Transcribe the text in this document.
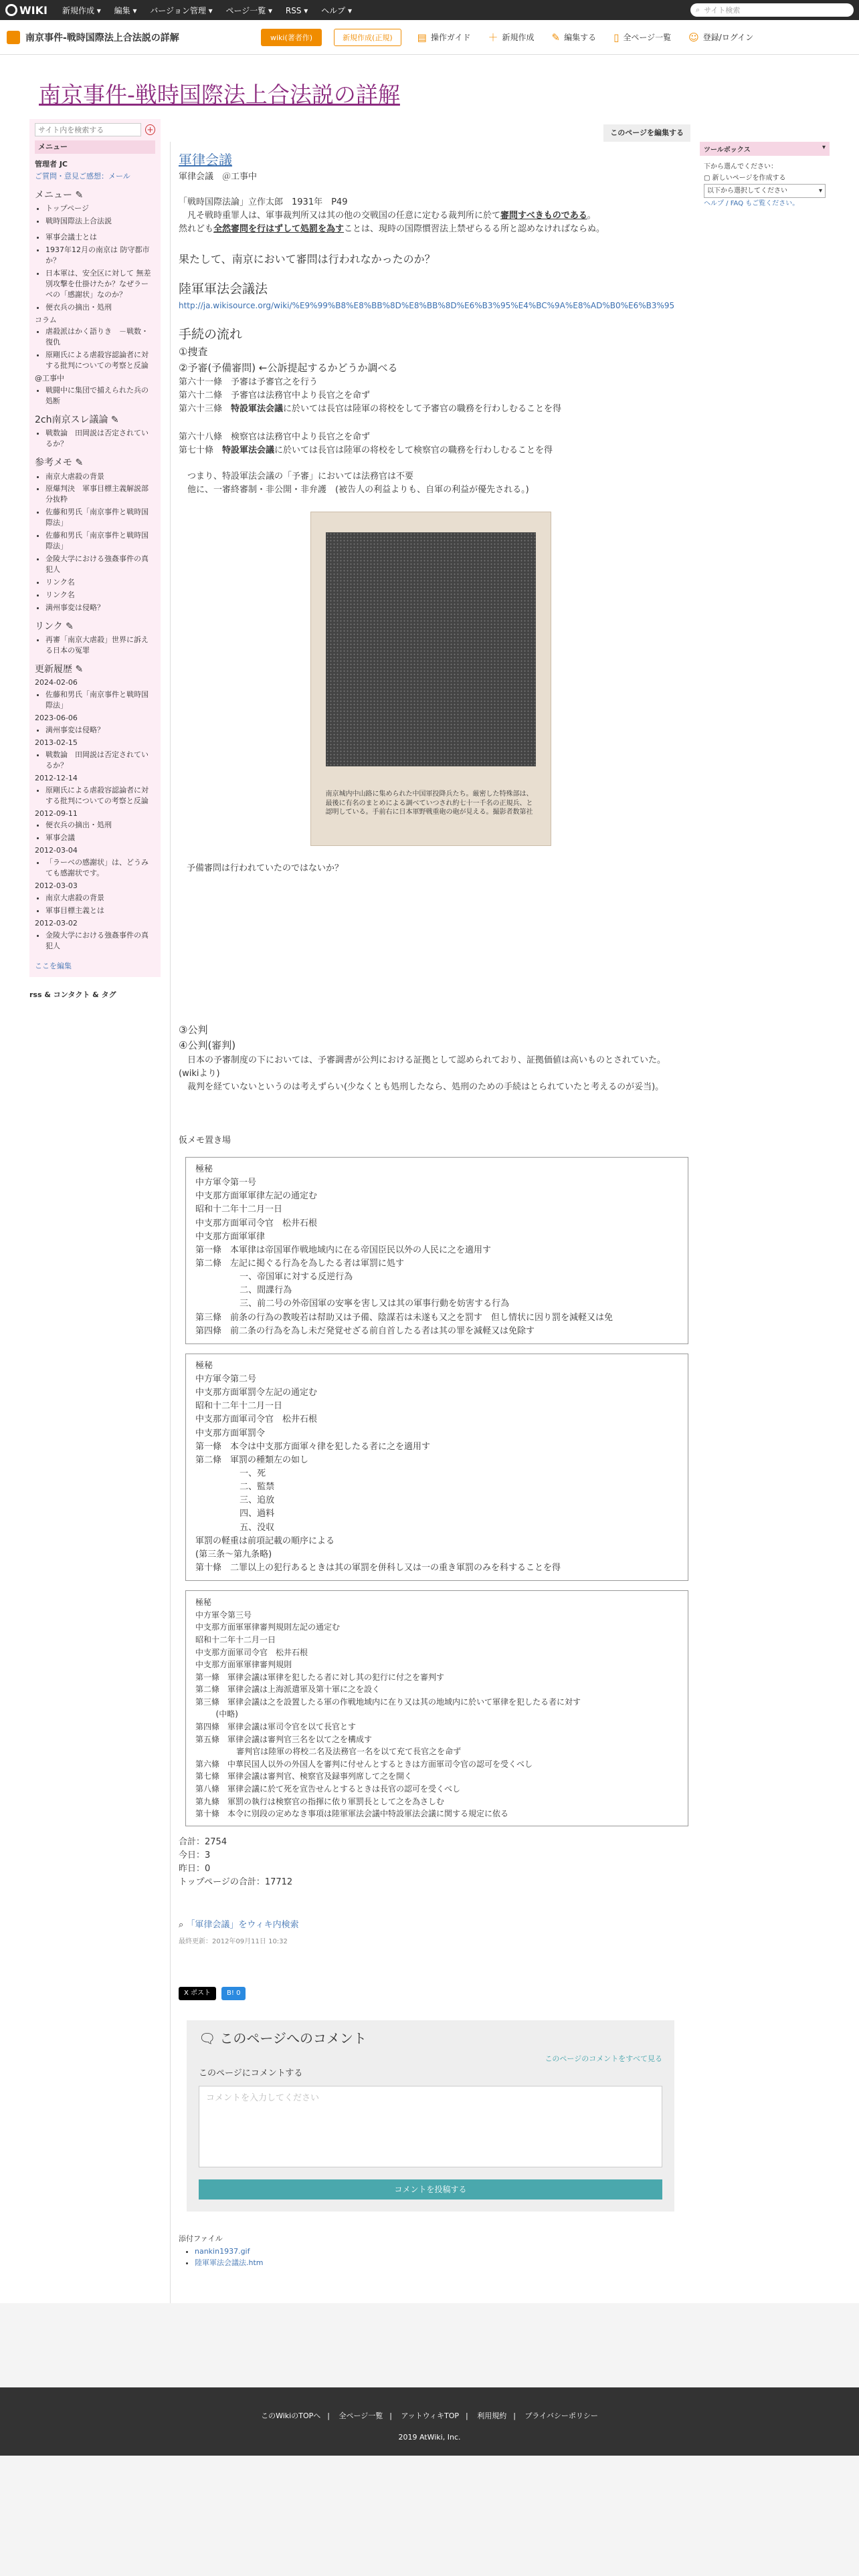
WIKI 新規作成 ▾ 編集 ▾ バージョン管理 ▾ ページ一覧 ▾ RSS ▾ ヘルプ ▾	⌕ サイト検索
南京事件-戦時国際法上合法説の詳解	wiki(著者作)	新規作成(正規)	▤ 操作ガイド ＋ 新規作成 ✎ 編集する ▯ 全ページ一覧 ☺ 登録/ログイン
南京事件-戦時国際法上合法説の詳解
サイト内を検索する
+
メニュー

管理者 JC

ご質問・意見ご感想：メール

メニュー ✎
• トップページ
• 戦時国際法上合法説
• 軍事会議士とは
• 1937年12月の南京は 防守都市か？
• 日本軍は、安全区に対して 無差別攻撃を仕掛けたか？なぜラーベの「感謝状」なのか？
• 便衣兵の摘出・処刑

コラム

• 虐殺派はかく語りき　－戦数・復仇
• 原剛氏による虐殺容認論者に対する批判についての考察と反論

@工事中

• 戦闘中に集団で捕えられた兵の処断
2ch南京スレ議論 ✎
• 戦数論　田岡説は否定されているか？
参考メモ ✎
• 南京大虐殺の背景
• 原爆判決　軍事目標主義解説部分抜粋
• 佐藤和男氏「南京事件と戦時国際法」
• 佐藤和男氏「南京事件と戦時国際法」
• 金陵大学における強姦事件の真犯人
• リンク名
• リンク名
• 満州事変は侵略？
リンク ✎
• 再審「南京大虐殺」世界に訴える日本の冤罪
更新履歴 ✎

2024-02-06

• 佐藤和男氏「南京事件と戦時国際法」

2023-06-06

• 満州事変は侵略？

2013-02-15

• 戦数論　田岡説は否定されているか？

2012-12-14

• 原剛氏による虐殺容認論者に対する批判についての考察と反論

2012-09-11

• 便衣兵の摘出・処刑
• 軍事会議

2012-03-04

• 「ラーベの感謝状」は、どうみても感謝状です。

2012-03-03

• 南京大虐殺の背景
• 軍事目標主義とは

2012-03-02

• 金陵大学における強姦事件の真犯人

ここを編集

rss & コンタクト & タグ
このページを編集する
軍律会議

軍律会議　＠工事中

「戦時国際法論」立作太郎　1931年　P49

　凡そ戦時重罪人は、軍事裁判所又は其の他の交戦国の任意に定むる裁判所に於て審問すべきものである。

然れども全然審問を行はずして処罰を為すことは、現時の国際慣習法上禁ぜらるる所と認めなければならぬ。

果たして、南京において審問は行われなかったのか？
陸軍軍法会議法
http://ja.wikisource.org/wiki/%E9%99%B8%E8%BB%8D%E8%BB%8D%E6%B3%95%E4%BC%9A%E8%AD%B0%E6%B3%95
手続の流れ

①捜査

②予審(予備審問) ←公訴提起するかどうか調べる

第六十一條　予審は予審官之を行う

第六十二條　予審官は法務官中より長官之を命ず

第六十三條　特設軍法会議に於いては長官は陸軍の将校をして予審官の職務を行わしむることを得

第六十八條　検察官は法務官中より長官之を命ず

第七十條　特設軍法会議に於いては長官は陸軍の将校をして検察官の職務を行わしむることを得

　つまり、特設軍法会議の「予審」においては法務官は不要

　他に、一審終審制・非公開・非弁護　(被告人の利益よりも、自軍の利益が優先される。)

南京城内中山路に集められた中国軍投降兵たち。厳密した特殊部は、最後に有名のまとめによる調べていつされ約七十一千名の正規兵、と認明している。手前右に日本軍野戦重砲の砲が見える。撮影者数第社

予備審問は行われていたのではないか？

③公判

④公判(審判)

　日本の予審制度の下においては、予審調書が公判における証拠として認められており、証拠価値は高いものとされていた。(wikiより)

　裁判を経ていないというのは考えずらい(少なくとも処刑したなら、処刑のための手続はとられていたと考えるのが妥当)。

仮メモ置き場

極秘

中方軍令第一号

中支那方面軍軍律左記の通定む

昭和十二年十二月一日

中支那方面軍司令官　松井石根

中支那方面軍軍律

第一條　本軍律は帝国軍作戦地域内に在る帝国臣民以外の人民に之を適用す

第二條　左記に掲ぐる行為を為したる者は軍罰に処す

一、帝国軍に対する反逆行為

二、間諜行為

三、前二号の外帝国軍の安寧を害し又は其の軍事行動を妨害する行為

第三條　前条の行為の教唆若は幇助又は予備、陰謀若は未遂も又之を罰す　但し情状に因り罰を減軽又は免

第四條　前二条の行為を為し未だ発覚せざる前自首したる者は其の罪を減軽又は免除す

極秘

中方軍令第二号

中支那方面軍罰令左記の通定む

昭和十二年十二月一日

中支那方面軍司令官　松井石根

中支那方面軍罰令

第一條　本令は中支那方面軍々律を犯したる者に之を適用す

第二條　軍罰の種類左の如し

一、死

二、監禁

三、追放

四、過料

五、没収

軍罰の軽重は前項記載の順序による

(第三条〜第九条略)

第十條　二罪以上の犯行あるときは其の軍罰を併科し又は一の重き軍罰のみを科することを得

極秘

中方軍令第三号

中支那方面軍軍律審判規則左記の通定む

昭和十二年十二月一日

中支那方面軍司令官　松井石根

中支那方面軍軍律審判規則

第一條　軍律会議は軍律を犯したる者に対し其の犯行に付之を審判す

第二條　軍律会議は上海派遣軍及第十軍に之を設く

第三條　軍律会議は之を設置したる軍の作戦地域内に在り又は其の地域内に於いて軍律を犯したる者に対す

(中略)

第四條　軍律会議は軍司令官を以て長官とす

第五條　軍律会議は審判官三名を以て之を構成す

審判官は陸軍の将校二名及法務官一名を以て充て長官之を命ず

第六條　中華民国人以外の外国人を審判に付せんとするときは方面軍司令官の認可を受くべし

第七條　軍律会議は審判官、検察官及録事列席して之を開く

第八條　軍律会議に於て死を宣告せんとするときは長官の認可を受くべし

第九條　軍罰の執行は検察官の指揮に依り軍罰長として之を為さしむ

第十條　本令に別段の定めなき事項は陸軍軍法会議中特設軍法会議に関する規定に依る

合計：2754

今日：3

昨日：0

トップページの合計：17712

⌕ 「軍律会議」をウィキ内検索
最終更新：2012年09月11日 10:32
X ポスト	B! 0
🗨 このページへのコメント
このページのコメントをすべて見る
このページにコメントする
コメントを入力してください
コメントを投稿する
添付ファイル
• nankin1937.gif
• 陸軍軍法会議法.htm
ツールボックス	▾
下から選んでください：
▢ 新しいページを作成する
以下から選択してください	▾
ヘルプ / FAQ もご覧ください。
このWikiのTOPへ | 全ページ一覧 | アットウィキTOP | 利用規約 | プライバシーポリシー
2019 AtWiki, Inc.
